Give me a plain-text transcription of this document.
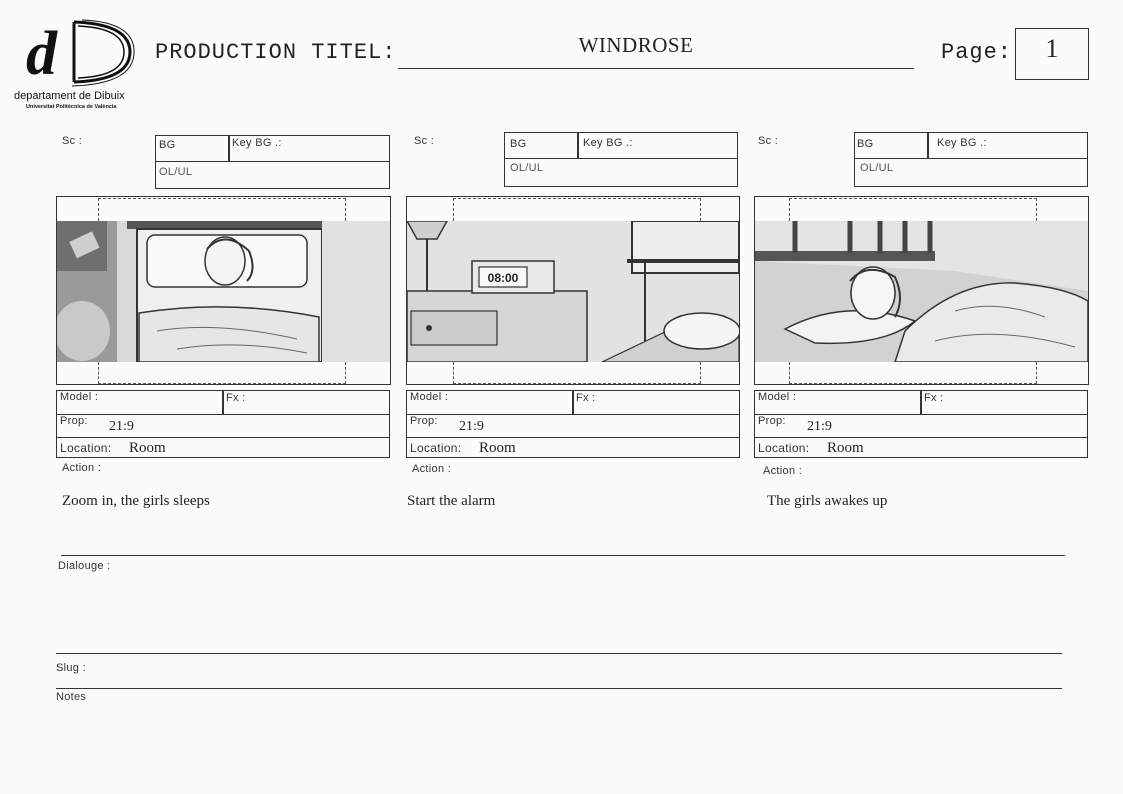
d
departament de Dibuix
Universitat Politècnica de València
PRODUCTION TITEL:	WINDROSE	Page:	1
Sc :	BG	Key BG .:
OL/UL
Model :	Fx :
Prop: 21:9
Location: Room
Action :
Zoom in, the girls sleeps
Sc :	BG	Key BG .:
OL/UL
08:00
Model :	Fx :
Prop: 21:9
Location: Room
Action :
Start the alarm
Sc :	BG	Key BG .:
OL/UL
Model :	Fx :
Prop: 21:9
Location: Room
Action :
The girls awakes up
Dialouge :
Slug :
Notes
